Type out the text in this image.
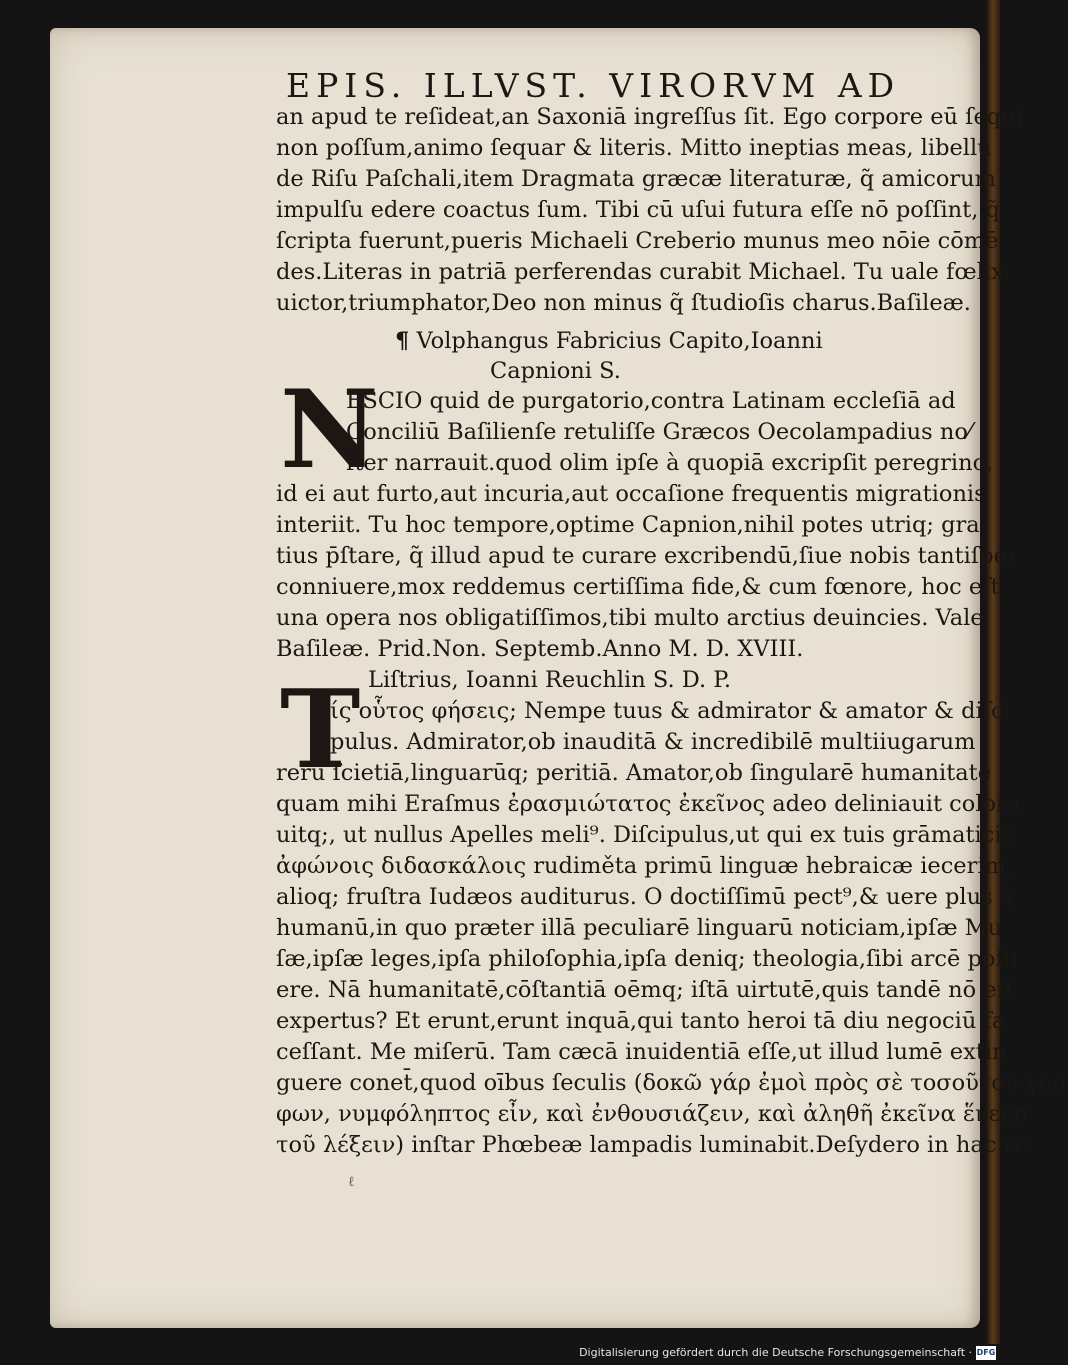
EPIS. ILLVST. VIRORVM AD
an apud te reſideat,an Saxoniā ingreſſus ſit. Ego corpore eū ſequi
non poſſum,animo ſequar & literis. Mitto ineptias meas, libellū
de Riſu Paſchali,item Dragmata græcæ literaturæ, q̃ amicorum
impulſu edere coactus ſum. Tibi cū uſui futura eſſe nō poſſint, q̃
ſcripta fuerunt,pueris Michaeli Creberio munus meo nōie cōmē
des.Literas in patriā perferendas curabit Michael. Tu uale fœlix,
uictor,triumphator,Deo non minus q̃ ſtudioſis charus.Baſileæ.
¶ Volphangus Fabricius Capito,Ioanni
Capnioni S.
N
ESCIO quid de purgatorio,contra Latinam eccleſiā ad
Conciliū Baſilienſe retuliſſe Græcos Oecolampadius no⁄
ſter narrauit.quod olim ipſe à quopiā excripſit peregrino,
id ei aut furto,aut incuria,aut occaſione frequentis migrationis
interiit. Tu hoc tempore,optime Capnion,nihil potes utriq; gra
tius p̄ſtare, q̃ illud apud te curare excribendū,ſiue nobis tantiſper
conniuere,mox reddemus certiſſima fide,& cum fœnore, hoc eſt
una opera nos obligatiſſimos,tibi multo arctius deuincies. Vale.
Baſileæ. Prid.Non. Septemb.Anno M. D. XVIII.
Liſtrius, Ioanni Reuchlin S. D. P.
T
ίς οὗτος φήσεις; Nempe tuus & admirator & amator & diſci
pulus. Admirator,ob inauditā & incredibilē multiiugarum
rerū ſcietiā,linguarūq; peritiā. Amator,ob ſingularē humanitatē
quam mihi Eraſmus ἐρασμιώτατος ἐκεῖνος adeo deliniauit colora
uitq;, ut nullus Apelles meli⁹. Diſcipulus,ut qui ex tuis grāmaticis
ἀφώνοις διδασκάλοις rudiměta primū linguæ hebraicæ iecerim,
alioq; fruſtra Iudæos auditurus. O doctiſſimū pect⁹,& uere plus q̃
humanū,in quo præter illā peculiarē linguarū noticiam,ipſæ Mu
ſæ,ipſæ leges,ipſa philoſophia,ipſa deniq; theologia,ſibi arcē poſu
ere. Nā humanitatē,cōſtantiā oēmq; iſtā uirtutē,quis tandē nō eſt
expertus? Et erunt,erunt inquā,qui tanto heroi tā diu negociū fa
ceſſant. Me miſerū. Tam cæcā inuidentiā eſſe,ut illud lumē extin
guere conet̄,quod oībus ſeculis (δοκῶ γάρ ἐμοὶ πρὸς σὲ τοσοῦτον γρά
φων, νυμφόληπτος εἶν, καὶ ἐνθουσιάζειν, καὶ ἀληθῆ ἐκεῖνα ἕνεκα
τοῦ λέξειν) inſtar Phœbeæ lampadis luminabit.Deſydero in hac re
ℓ
Digitalisierung gefördert durch die Deutsche Forschungsgemeinschaft · DFG
